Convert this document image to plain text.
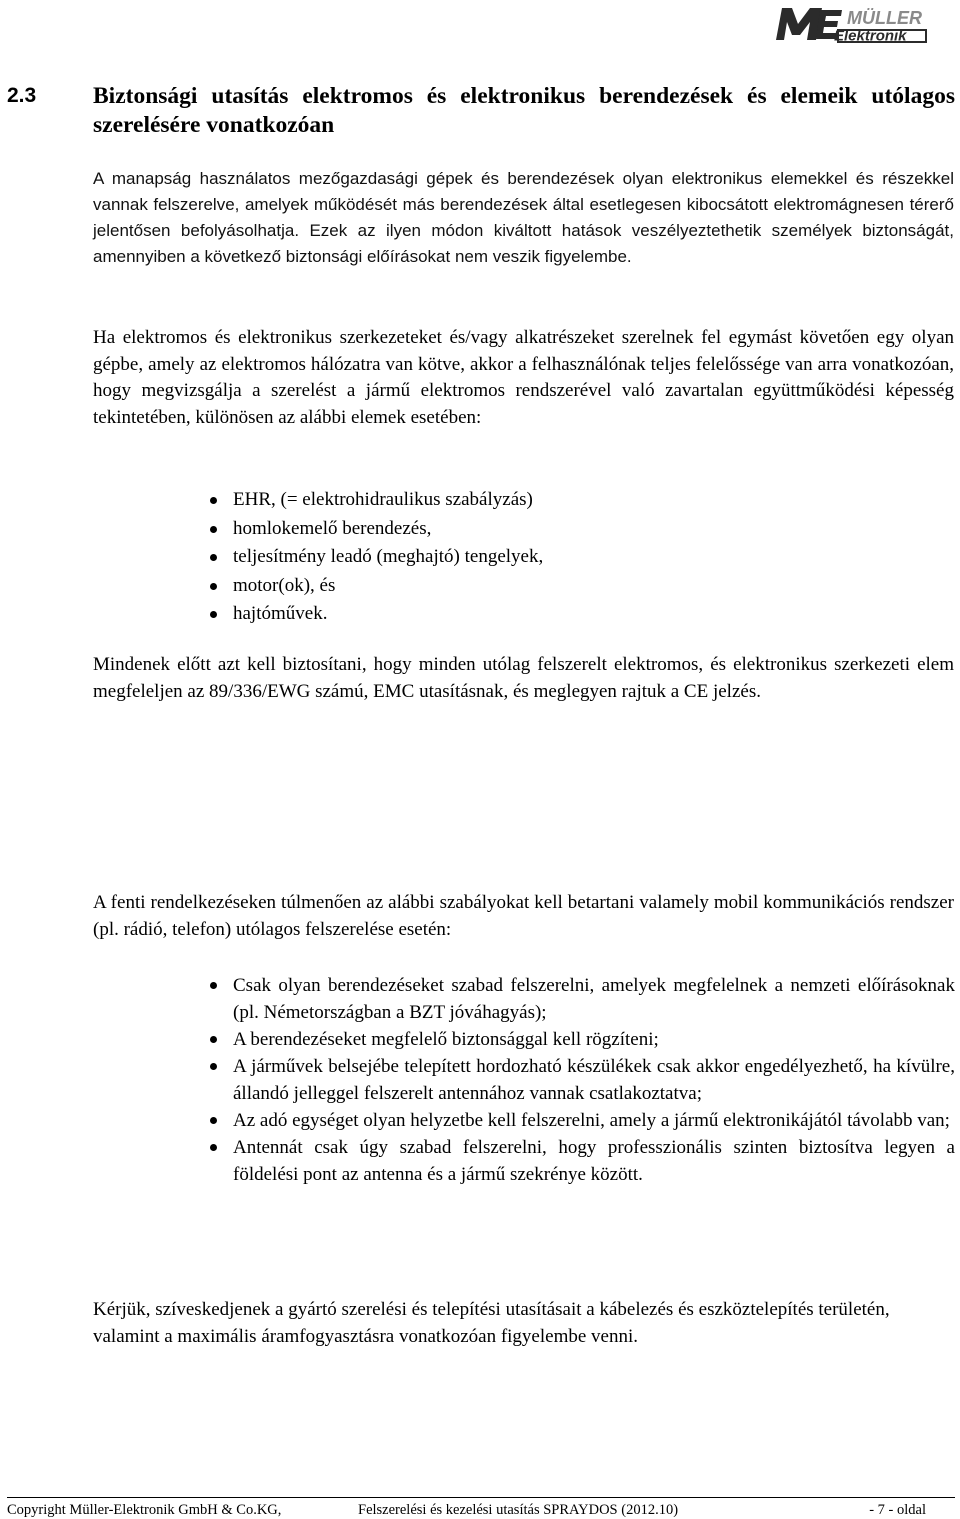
MÜLLER
Elektronik
2.3 Biztonsági utasítás elektromos és elektronikus berendezések és elemeik utólagos szerelésére vonatkozóan

A manapság használatos mezőgazdasági gépek és berendezések olyan elektronikus elemekkel és részekkel vannak felszerelve, amelyek működését más berendezések által esetlegesen kibocsátott elektromágnesen térerő jelentősen befolyásolhatja. Ezek az ilyen módon kiváltott hatások veszélyeztethetik személyek biztonságát, amennyiben a következő biztonsági előírásokat nem veszik figyelembe.

Ha elektromos és elektronikus szerkezeteket és/vagy alkatrészeket szerelnek fel egymást követően egy olyan gépbe, amely az elektromos hálózatra van kötve, akkor a felhasználónak teljes felelőssége van arra vonatkozóan, hogy megvizsgálja a szerelést a jármű elektromos rendszerével való zavartalan együttműködési képesség tekintetében, különösen az alábbi elemek esetében:

EHR, (= elektrohidraulikus szabályzás)
homlokemelő berendezés,
teljesítmény leadó (meghajtó) tengelyek,
motor(ok), és
hajtóművek.

Mindenek előtt azt kell biztosítani, hogy minden utólag felszerelt elektromos, és elektronikus szerkezeti elem megfeleljen az 89/336/EWG számú, EMC utasításnak, és meglegyen rajtuk a CE jelzés.

A fenti rendelkezéseken túlmenően az alábbi szabályokat kell betartani valamely mobil kommunikációs rendszer (pl. rádió, telefon) utólagos felszerelése esetén:

Csak olyan berendezéseket szabad felszerelni, amelyek megfelelnek a nemzeti előírásoknak (pl. Németországban a BZT jóváhagyás);
A berendezéseket megfelelő biztonsággal kell rögzíteni;
A járművek belsejébe telepített hordozható készülékek csak akkor engedélyezhető, ha kívülre, állandó jelleggel felszerelt antennához vannak csatlakoztatva;
Az adó egységet olyan helyzetbe kell felszerelni, amely a jármű elektronikájától távolabb van;
Antennát csak úgy szabad felszerelni, hogy professzionális szinten biztosítva legyen a földelési pont az antenna és a jármű szekrénye között.

Kérjük, szíveskedjenek a gyártó szerelési és telepítési utasításait a kábelezés és eszköztelepítés területén, valamint a maximális áramfogyasztásra vonatkozóan figyelembe venni.

Copyright Müller-Elektronik GmbH & Co.KG,	Felszerelési és kezelési utasítás SPRAYDOS (2012.10)	- 7 - oldal
